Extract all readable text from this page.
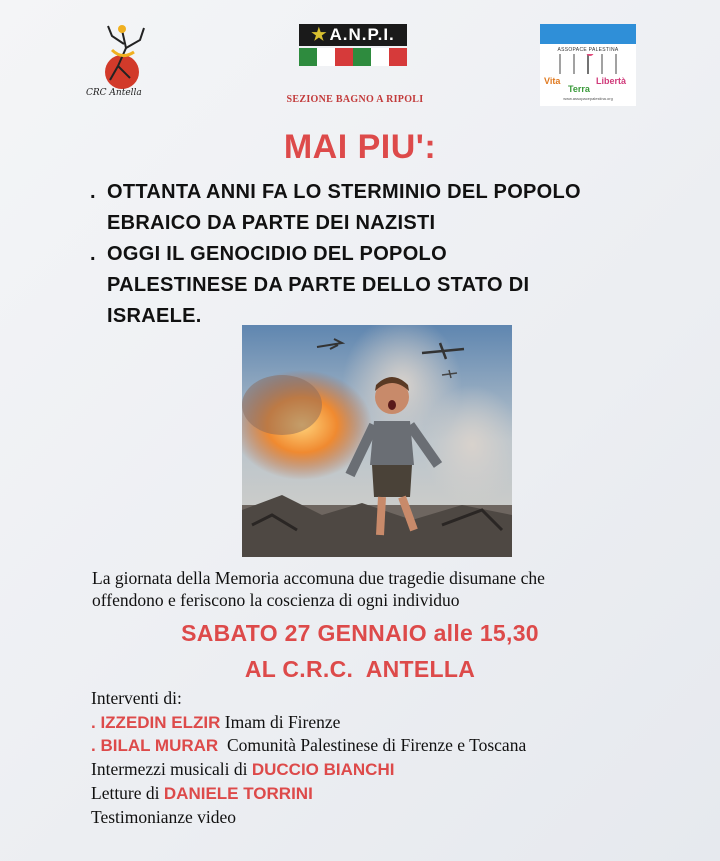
CRC Antella
★ A.N.P.I.
SEZIONE BAGNO A RIPOLI
ASSOPACE PALESTINA
Vita
Terra
Libertà
www.assopacepalestina.org
MAI PIU':
. OTTANTA ANNI FA LO STERMINIO DEL POPOLO
EBRAICO DA PARTE DEI NAZISTI
. OGGI IL GENOCIDIO DEL POPOLO
PALESTINESE DA PARTE DELLO STATO DI
ISRAELE.
La giornata della Memoria accomuna due tragedie disumane che
offendono e feriscono la coscienza di ogni individuo
SABATO 27 GENNAIO alle 15,30
AL C.R.C.  ANTELLA
Interventi di:
. IZZEDIN ELZIR Imam di Firenze
. BILAL MURAR Comunità Palestinese di Firenze e Toscana
Intermezzi musicali di DUCCIO BIANCHI
Letture di DANIELE TORRINI
Testimonianze video
